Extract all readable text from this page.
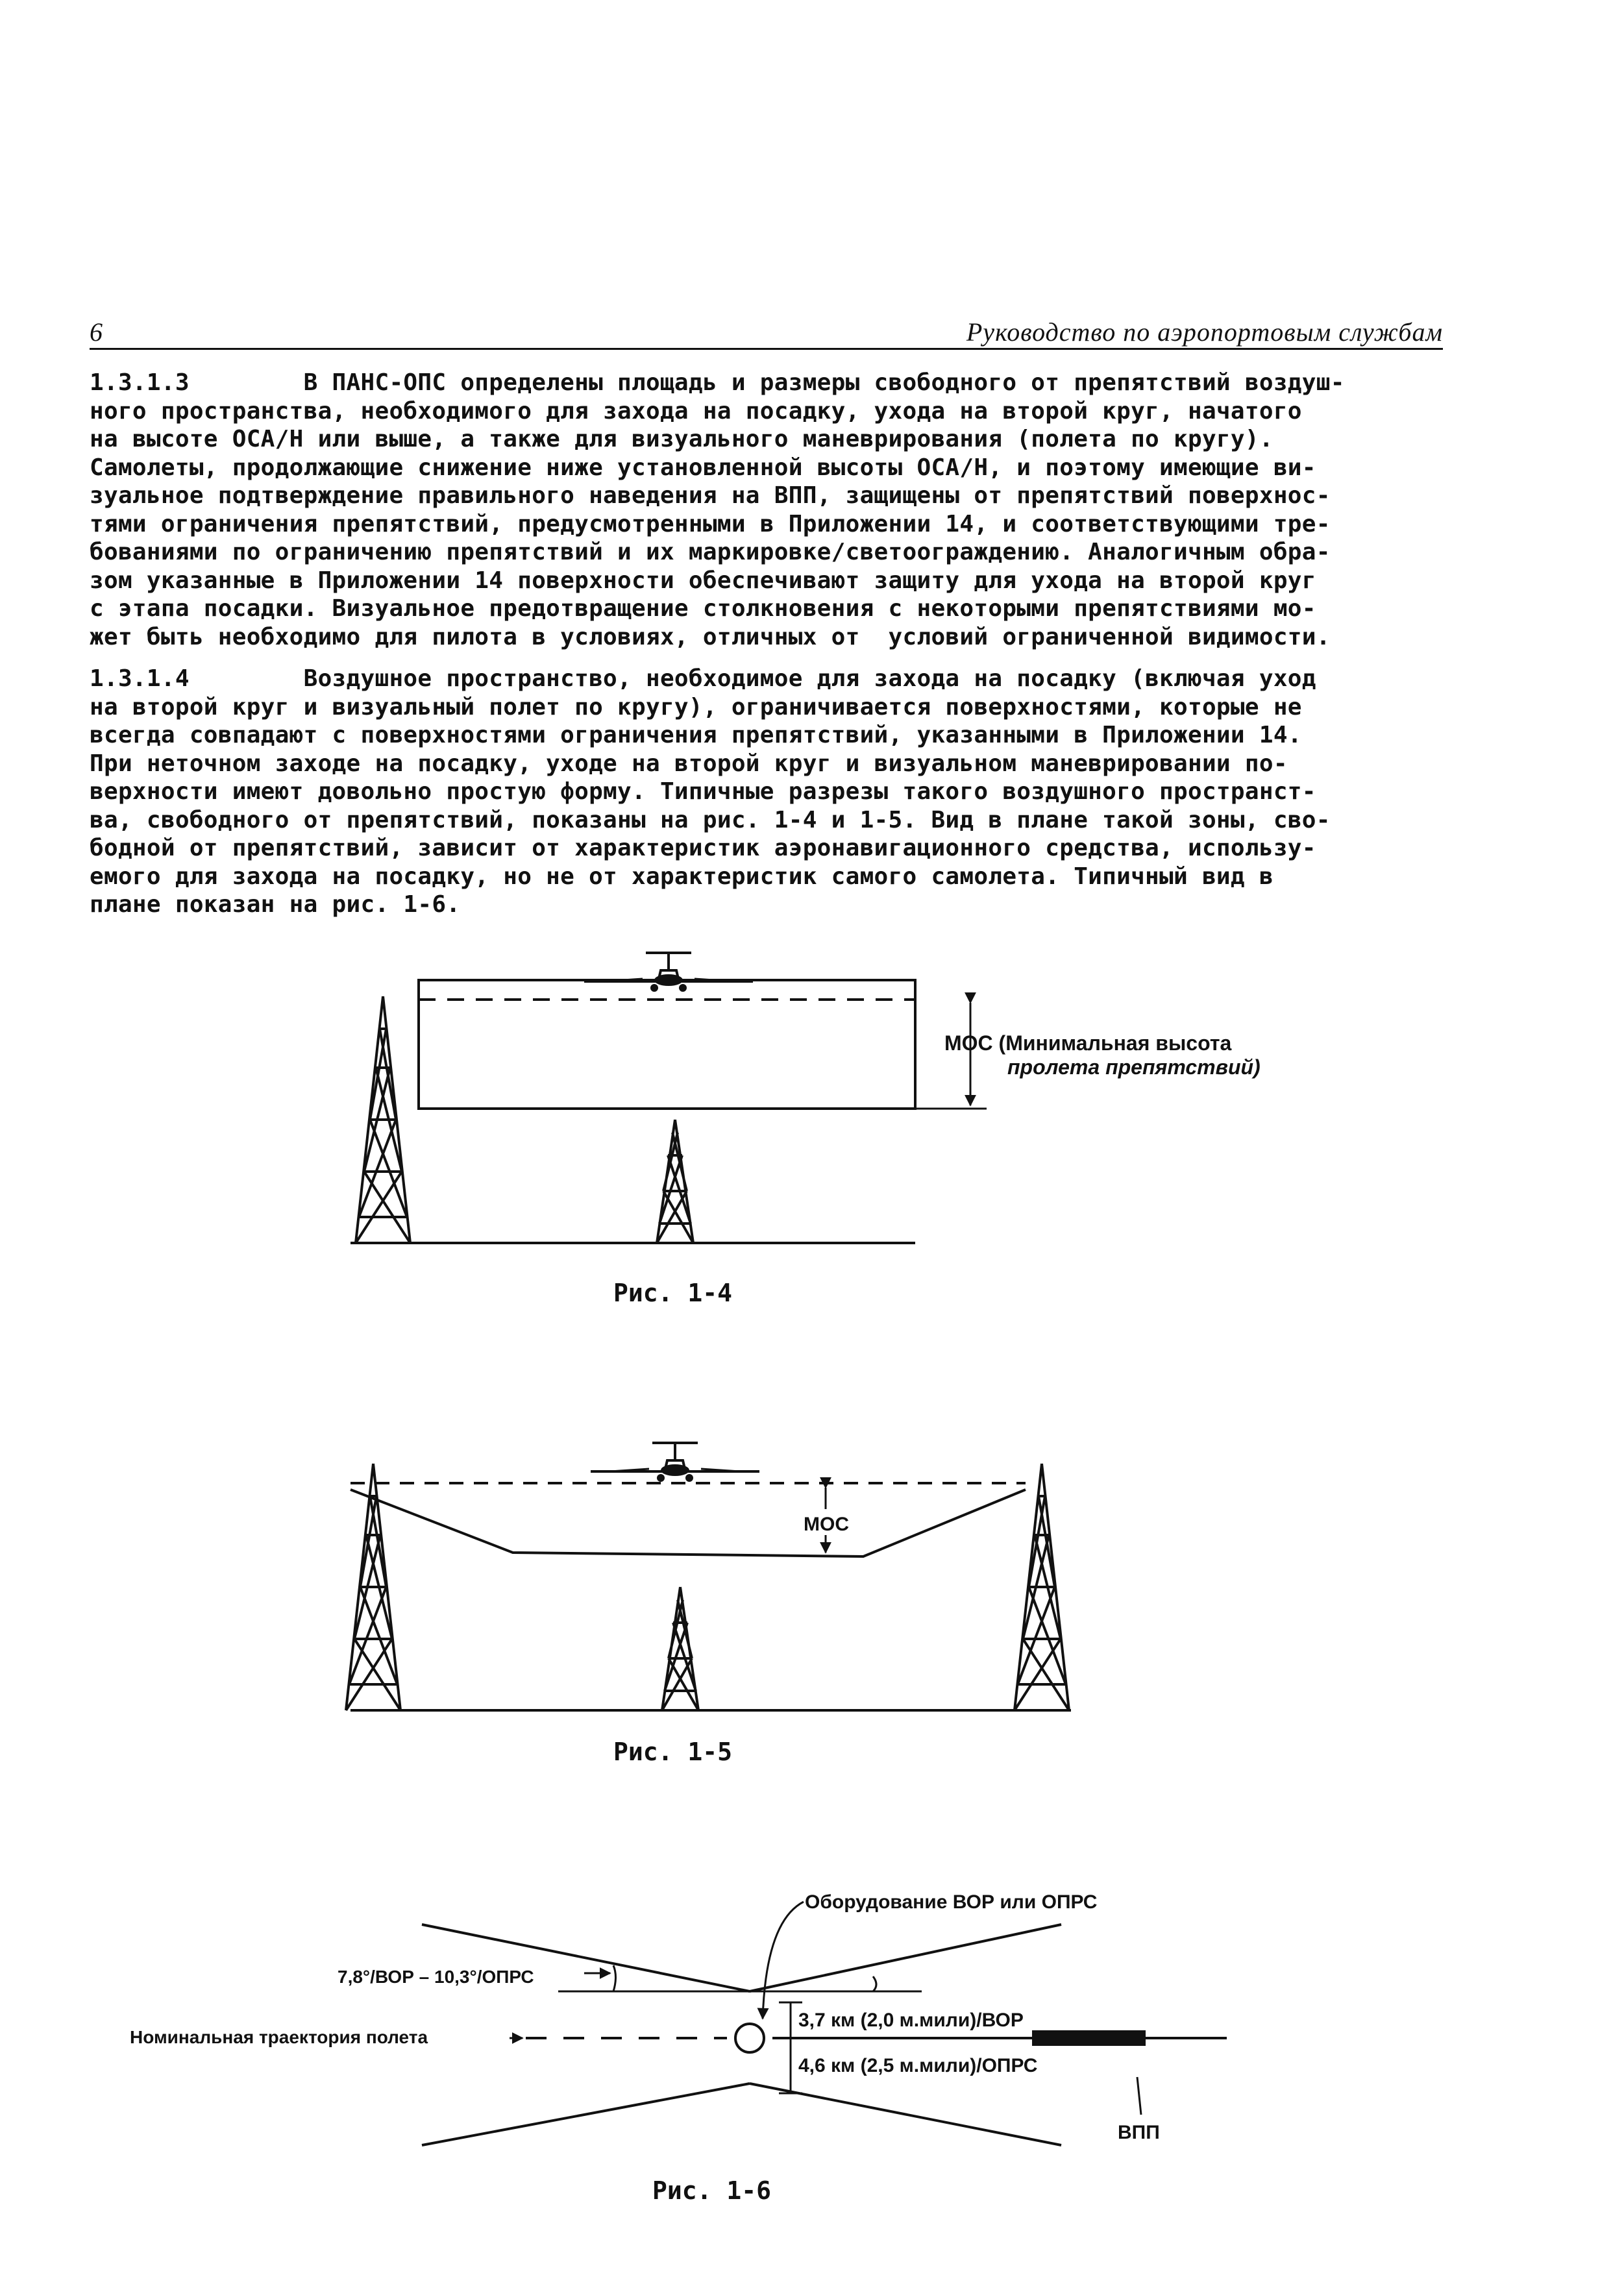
6	Руководство по аэропортовым службам
1.3.1.3        В ПАНС-ОПС определены площадь и размеры свободного от препятствий воздуш-
ного пространства, необходимого для захода на посадку, ухода на второй круг, начатого
на высоте ОСА/Н или выше, а также для визуального маневрирования (полета по кругу).
Самолеты, продолжающие снижение ниже установленной высоты ОСА/Н, и поэтому имеющие ви-
зуальное подтверждение правильного наведения на ВПП, защищены от препятствий поверхнос-
тями ограничения препятствий, предусмотренными в Приложении 14, и соответствующими тре-
бованиями по ограничению препятствий и их маркировке/светоограждению. Аналогичным обра-
зом указанные в Приложении 14 поверхности обеспечивают защиту для ухода на второй круг
с этапа посадки. Визуальное предотвращение столкновения с некоторыми препятствиями мо-
жет быть необходимо для пилота в условиях, отличных от  условий ограниченной видимости.
1.3.1.4        Воздушное пространство, необходимое для захода на посадку (включая уход
на второй круг и визуальный полет по кругу), ограничивается поверхностями, которые не
всегда совпадают с поверхностями ограничения препятствий, указанными в Приложении 14.
При неточном заходе на посадку, уходе на второй круг и визуальном маневрировании по-
верхности имеют довольно простую форму. Типичные разрезы такого воздушного пространст-
ва, свободного от препятствий, показаны на рис. 1-4 и 1-5. Вид в плане такой зоны, сво-
бодной от препятствий, зависит от характеристик аэронавигационного средства, использу-
емого для захода на посадку, но не от характеристик самого самолета. Типичный вид в
плане показан на рис. 1-6.
МОС (Минимальная высота
пролета препятствий)
Рис. 1-4
МОС
Рис. 1-5
7,8°/ВОР – 10,3°/ОПРС
Номинальная траектория полета
Оборудование ВОР или ОПРС
3,7 км (2,0 м.мили)/ВОР
4,6 км (2,5 м.мили)/ОПРС
ВПП
Рис. 1-6
